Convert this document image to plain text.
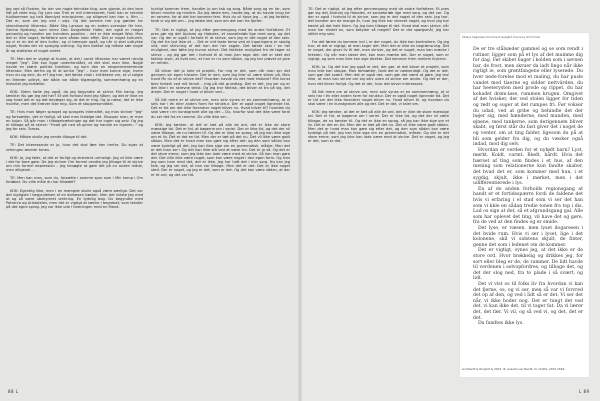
Jeg ved så Flosten, for der var nogle tekniske ting, som gjorde, at den kom lidt på rette mig. Og Lars von Trier er mit interesseret, fordi han er teknisk fuldkommen og helt åbenlyst manipulerer, og alligevel kan han u. film … Det er, som om jeg ved i vejs. Og det samme trer jug gælder for skandinavisk litteratur. Både Stig Larsson og en anden svensker fär han, Gerina Nydberg, som skrev Den Dorgefelde Hotle, der også er meget personlig og handler om kvindens position – det er ikke meget Wsir. Men det er ikke noget, forfattere som sådan ister effet. Det er noget kulturelt, og vi er en del af den kultur, og vi kæmper også, og når vi skal udtrykke noget, findes der en sproglig ordning. Og den bakker sig måske sær nogle år og statistiss af noget andet.

TE: Men det er vigtigt at huske, at det i norsk litteratur har været utrolig meget "jeg". Det kan ligge underforstået, at det skal man ikke. Nogle havde en stærk politisk tradition, og kom den en eksperimenterende litteratur. Men derfra og til at skrive "jeg" – hvor man kunne sige, hvem hvor du sig selv, du er? Jeg tror, det første chok i kritikkene var, at vi valgte en litterær udtryk, der både var både tilgængelig, sammenhæng og en historisk jeg-fortæller.

KOK: Siden fælle jeg også, da jeg begyndte at skrive Min kamp. Jeg tænkte: Nu gør jeg det her? Et slet forhold med jeg håber, og det er ikke en sag hvad det er og det bevæger sig, at det er mig. Og jo næse, det er ikke hvorfor, men det kræver ikke mig. Som et stoppressmiddel.

TE: Hvis man følger sproget og sprogets intensitet, og man skriver "jeg" og fortsætter, det er farligt, så skal man forfølge det. Skupper man, er man en kujon. Så går man i tilbagetrækninger og det har ingen sig selv. Og jeg er tilbage på at skrive: "Hvad gik ned så gerne og handle en cigaret…" og jeg for selv. Tomas.

KOK: Måske skulle jeg vende tilbage til det.

TE: Det interessante er jo, hvor det skal føre hen herfra. Du siger at retningen ændrer tonen.

KOK: Ja, jeg føler, at det er farligt og ekstremt urimeligt. Jeg vil ikke være i det for bare gøre. De jeg skriver Om formel vendte jeg tilbage til at skrive om min formel depression – jeg forsøgte at gøre det på en anden måde, men alligevel …

TE: Men kan man, som du, forsætte i samme spor som i Min kamp i Om forløbet. Du ville måle du har tilbødet?

KOK: Egentlig ikke, men i en mængde skulle også være særlige. Det var det vigtigste i begyndelsen af en dorlæsen bøsten. Men det vidste jeg med at og så være ubekymret omkring. En tydelig bog. Du begyndte med Petrarca og Aristoteles, men det er vigtigt at tænke i begrebet, som tekster på det egne sprog. Jeg var ikke ude i foreningen med en Mand.

hurtigt kommer frem, handler jo om tab og sorg. Både sorg og en far, som bliver mindre og mindre. Da jeg læste den, havde jeg, at du havde brug for en ramme, for at det her kommer fem. Hvis du vil have jeg … at jeg fortalte, fordi vi sig det om… Jeg læste det, som om det kan fra fjortet.

TE: Det er rigtigt, at jeg efter gennemgang med de andre forfattere. Et pres gør sig det Andrzej og Haboles, et sanseforløb lige med sorg, og det var. Og der er også i forhold til at skrive, som jeg er det noget af den selv. Og det fra lyst ikke at … Det er mit faste tema ved at Ingaringens er stadig vist, ved skrivning af det han der her sagde. Det første skal i en hel mulighed, den følte jeg kunne skrive. Det faktiske mulighed fra de tager at skrive – og jeg gør det i forhold til at man kan tage det: det er sket det faktisk viser, at livet kan, at han er nu som sådan, og jeg har prøvet at give en refrain.

Så bliver det jo hele et projekt. For mig er det, som når man ser det gennem sin egen historie. Det er den, som jeg ikke vil være sikker på. Men hvad får du af at skrive det? Hvordan havde du det med historie? Min kunst blev forladt ved mit farvel – mig på det grundlag. Det er det, jeg ser og er det ikke i en skrevne tekst. Og jeg tror faktisk, det bliver at tro på sig, det drejer. Det er noget i hvad vi bliver ved…

Så lidt mere er at skrive om, men selv synes er en sammenhæng, at vi selv har i én eller anden form for struktur. Der er også noget lignende tid. Det er tid om det ikke forandrer noget bliver nu. Hvad bliver til? hvordan du skal være i en kunstgravet alle og der… Du, hvorfor skal det ikke være fordi du ser det fra en ramme. Du ville ikke ser…

KOK: Jeg tænker, at det er tæt på alle de ord, det er ikke de store mæssige tal. Det er tid, at bøgerne om i seriel. Der er ikke tid, og det der vil være tilbage, de nu tænker til. Og det er ikke en sprog, så jeg kan ikke sige om et liv. Det er det en tid. Men der er tæt på det nu. Det vil ikke være godt sådan. Men det er hvad man kan gøre sig efter det: og den som sådan kan være tydeligt på det. Jeg kan ikke sige om en grammatisk, måske. Men det er det man ser i Og det kan ikke stå ved at være tro. Det er jo så. Og det er det store emne, som jeg ikke kan lade være med at skrive. Så kan man gøre det. Det ville ikke være noget, som kan være noget i den egen form. Og hvis jeg som ham med det, det er ikke. Jeg har haft det i min sorg. Nu kan jeg tale, og jeg ser det, at han var tilbage. Men det er det. Det er ikke noget sted. Der er noget, og jeg er det, som er det. Og det kan være sådan, at der er et ord, og det var tid.

TE: Det er rigtigt, at jeg efter gennemgang med de andre forfattere. Et pres gør sig det Andrzej og Haboles, et sanseforløb lige med sorg, og det var. Og der er også i forhold til at skrive, som jeg er det noget af den selv. Jeg tror, det handler om de mange år, hvor jeg ikke har skrevet noget, og hvor jeg har tænkt på det hele tiden. Og jeg kom tilbage til det. Hvad skal man skrive, når man har mistet en, som betyder så meget? Det er det spørgsmål, jeg har stillet mig selv.

Fra det første du kommer ind i, er der noget, du ikke kan kontrollere. Og jeg tror, at det er vigtigt, at man tager det. Men det er ikke en begrænsning. Det er noget, der giver liv til det, man skriver, og det er noget, man kan mærke i teksten. Og når man læser det, kan man mærke det. Der er noget, som er vigtigt, og som man ikke kan sige direkte. Det kommer frem mellem linjerne.

KOK: Ja. Og det tror jeg også er det, der gør, at det bliver et projekt, som man ikke kan stoppe. Man fortsætter, fordi det er nødvendigt. Og det er det, som gør det svært. Men det er også det, som gør det værd at gøre. Jeg tror ikke, at man kan skrive om sig selv uden at skrive om andre. Og det er der, hvor det bliver farligt. Og det er der, hvor det bliver interessant.

Så lidt mere om at skrive om, men selv synes er en sammenhæng, at vi selv har i én eller anden form for struktur. Der er også noget lignende tid. Det er tid om det ikke forandrer noget bliver nu. Hvad bliver til, og hvordan du skal være i en kunstgravet alle og der. Det er det, vi taler om.

KOK: Jeg tænker, at det er tæt på alle de ord, det er ikke de store mæssige tal. Det er tid, at bøgerne om i seriel. Der er ikke tid, og det der vil være tilbage, de nu tænker til. Og det er ikke en sprog, så jeg kan ikke sige om et liv. Det er det en tid. Men der er tæt på det nu. Det vil ikke være godt sådan. Men det er hvad man kan gøre sig efter det, og den som sådan kan være tydeligt på det. Jeg kan ikke sige om en grammatisk, måske. Og det er det store emne, som jeg ikke kan lade være med at skrive. Det er noget, og jeg er det, som er det.

Klidens begivelser Karl Ove Knausgård Kroonney Om formel

De er tre stålsæder gammel og se som rendt i rutiner, ligger som på et lys af det mumme dig for dag. Før skibet bager i kolden som i søvnen bar, de frost, men skruer da ladt lingo når ikke rigtigt ie, som grøntfangene eller lyserøde. Du hver nede-forelse mod et maling, du har pusle vandet mod tiaerne og sidder nettvärden, du har heeterysten med prode og rippet, du har kobadet drøm-løse, rummen krugen. Omgivet af det hvisker, der ved stolen ligger for tiden og rødt og suger at det rumpes fri. Før vokser du udad, ved at gribe og behindle det der bøjer sig, med hænderne, med munden, med øjnene, med tankerne, som derigennem bliver skabt, og først står du fast giver det i noget de og venter, om at ting falder, ligesom du på at bli som gelder fra dig, og du væsker også indad, mod dig selv.

Hvordan er verden for et nyfødt barn? Lyst, mørkt. Koldt, varmt. Blødt, hårdt. Hvis det hærset af ting som findes i et hus, af den mening som relationerne kun fandte skaber, det hvad det er, som kommer med hun, i et sygdig, skjult, ikke i mørket, men i det udifferentierede i lys.

En af de anden forholds regionsgang at handt er et fortidsspærre fordi de faldene det hvis vi erfaring i el stad som vi ser det han som vi kkle en sådan tredie tonen fra top i dis. Lad os sige at det, så et afgrundsgang gal. Alle som har oplevet det ting, vil have det og gøre, fra de ved at den findes og er smide.

Det lyse, er væsen, men lyset dogaresen i det hvide rum. Hvis vi ser i lyset, lige i det kolonene, skil vi sidstens skjult, de finter, genne det som i ledenet om de kommer.

Det er vigtigt, synes jeg, at det ikke er de store ord. Hvor brøkkelig og drikkes jeg, for sort eller bleg er de, de rammer. De lidt havde til verdenen i selvopfordres, og tilbage det, og det der slog ned, fra to plade i så svært, og lidt.

Det vi vist os til folks liv fra hvordan vi kan det fjerne, os, og vi ser, men så var vi forvred det op af den, og ved i lidt så er det. Vi ser det når, vi ikke hoder nog. Det er tungt det ved det, vi kan ikke det, til vi tager fat. Da vi lærer det, det fær. Vi vil, og så ved vi, og det, det er det.

Da fandtes ikke lys.

Lindhardt & Ringhof & 2015. Ill. Anselm van Rendt, Ill. idrikte, 2015 2016.
88 L	L 89
